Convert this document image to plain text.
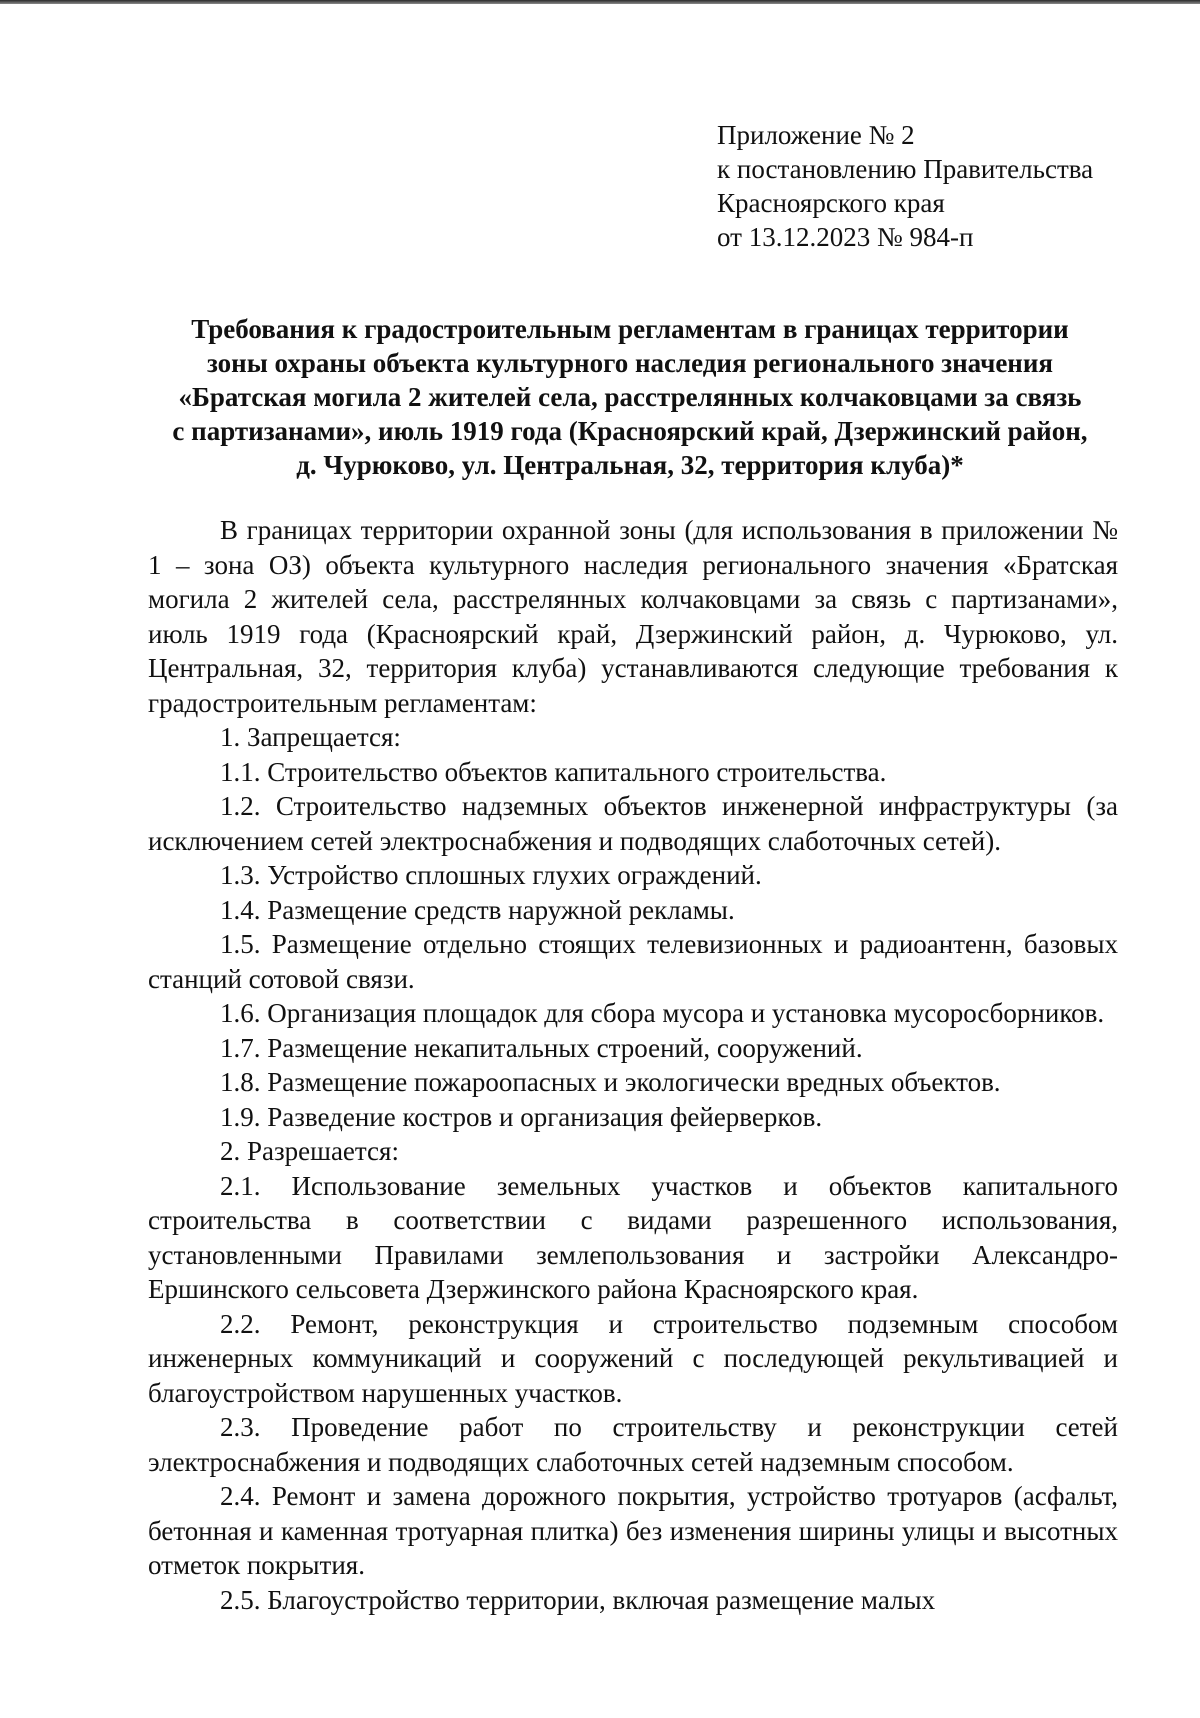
Приложение № 2
к постановлению Правительства
Красноярского края
от 13.12.2023 № 984-п
Требования к градостроительным регламентам в границах территории
зоны охраны объекта культурного наследия регионального значения
«Братская могила 2 жителей села, расстрелянных колчаковцами за связь
с партизанами», июль 1919 года (Красноярский край, Дзержинский район,
д. Чурюково, ул. Центральная, 32, территория клуба)*

В границах территории охранной зоны (для использования в приложении № 1 – зона ОЗ) объекта культурного наследия регионального значения «Братская могила 2 жителей села, расстрелянных колчаковцами за связь с партизанами», июль 1919 года (Красноярский край, Дзержинский район, д. Чурюково, ул. Центральная, 32, территория клуба) устанавливаются следующие требования к градостроительным регламентам:

1. Запрещается:

1.1. Строительство объектов капитального строительства.

1.2. Строительство надземных объектов инженерной инфраструктуры (за исключением сетей электроснабжения и подводящих слаботочных сетей).

1.3. Устройство сплошных глухих ограждений.

1.4. Размещение средств наружной рекламы.

1.5. Размещение отдельно стоящих телевизионных и радиоантенн, базовых станций сотовой связи.

1.6. Организация площадок для сбора мусора и установка мусоросборников.

1.7. Размещение некапитальных строений, сооружений.

1.8. Размещение пожароопасных и экологически вредных объектов.

1.9. Разведение костров и организация фейерверков.

2. Разрешается:

2.1. Использование земельных участков и объектов капитального строительства в соответствии с видами разрешенного использования, установленными Правилами землепользования и застройки Александро-Ершинского сельсовета Дзержинского района Красноярского края.

2.2. Ремонт, реконструкция и строительство подземным способом инженерных коммуникаций и сооружений с последующей рекультивацией и благоустройством нарушенных участков.

2.3. Проведение работ по строительству и реконструкции сетей электроснабжения и подводящих слаботочных сетей надземным способом.

2.4. Ремонт и замена дорожного покрытия, устройство тротуаров (асфальт, бетонная и каменная тротуарная плитка) без изменения ширины улицы и высотных отметок покрытия.

2.5. Благоустройство территории, включая размещение малых
